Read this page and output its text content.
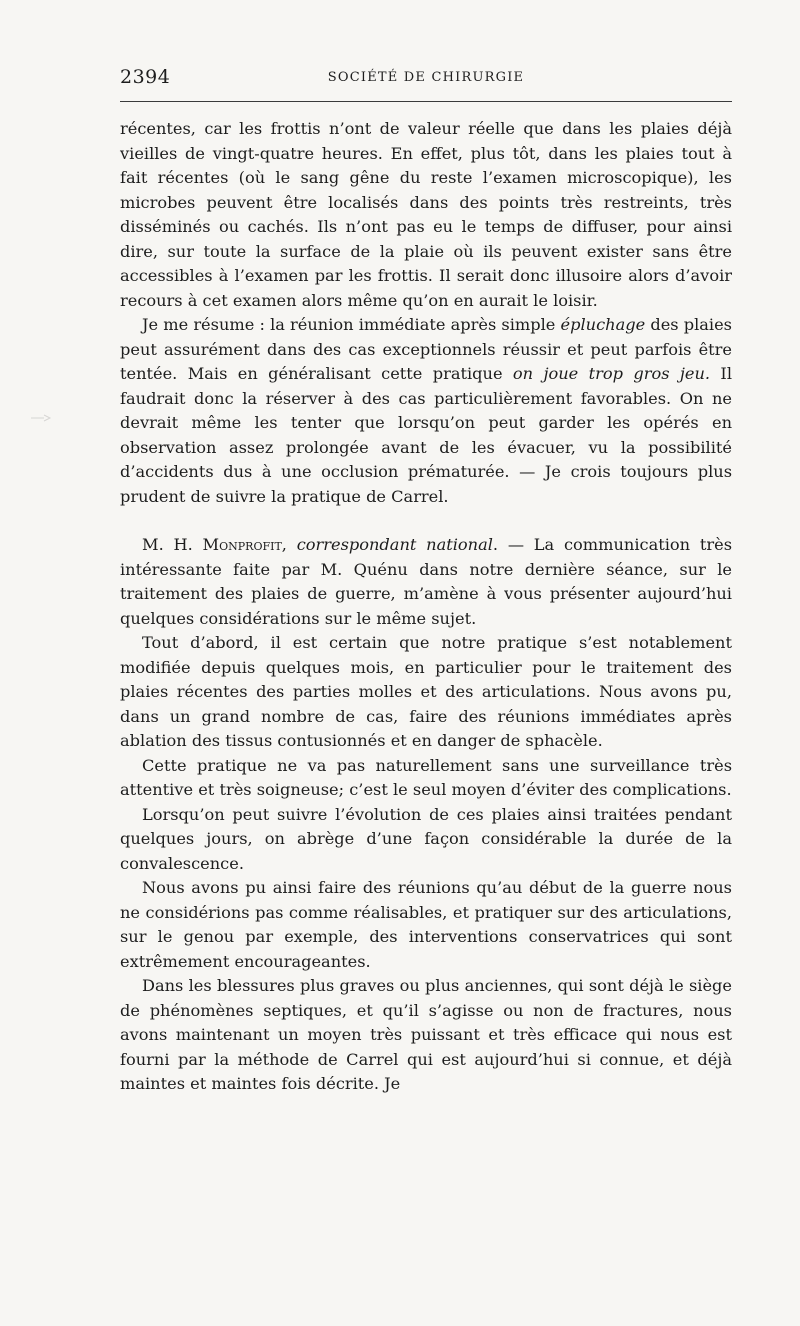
2394	SOCIÉTÉ DE CHIRURGIE

récentes, car les frottis n’ont de valeur réelle que dans les plaies déjà vieilles de vingt-quatre heures. En effet, plus tôt, dans les plaies tout à fait récentes (où le sang gêne du reste l’examen microscopique), les microbes peuvent être localisés dans des points très restreints, très disséminés ou cachés. Ils n’ont pas eu le temps de diffuser, pour ainsi dire, sur toute la surface de la plaie où ils peuvent exister sans être accessibles à l’examen par les frottis. Il serait donc illusoire alors d’avoir recours à cet examen alors même qu’on en aurait le loisir.

Je me résume : la réunion immédiate après simple épluchage des plaies peut assurément dans des cas exceptionnels réussir et peut parfois être tentée. Mais en généralisant cette pratique on joue trop gros jeu. Il faudrait donc la réserver à des cas particulièrement favorables. On ne devrait même les tenter que lorsqu’on peut garder les opérés en observation assez prolongée avant de les évacuer, vu la possibilité d’accidents dus à une occlusion prématurée. — Je crois toujours plus prudent de suivre la pratique de Carrel.

M. H. Monprofit, correspondant national. — La communication très intéressante faite par M. Quénu dans notre dernière séance, sur le traitement des plaies de guerre, m’amène à vous présenter aujourd’hui quelques considérations sur le même sujet.

Tout d’abord, il est certain que notre pratique s’est notablement modifiée depuis quelques mois, en particulier pour le traitement des plaies récentes des parties molles et des articulations. Nous avons pu, dans un grand nombre de cas, faire des réunions immédiates après ablation des tissus contusionnés et en danger de sphacèle.

Cette pratique ne va pas naturellement sans une surveillance très attentive et très soigneuse; c’est le seul moyen d’éviter des complications.

Lorsqu’on peut suivre l’évolution de ces plaies ainsi traitées pendant quelques jours, on abrège d’une façon considérable la durée de la convalescence.

Nous avons pu ainsi faire des réunions qu’au début de la guerre nous ne considérions pas comme réalisables, et pratiquer sur des articulations, sur le genou par exemple, des interventions conservatrices qui sont extrêmement encourageantes.

Dans les blessures plus graves ou plus anciennes, qui sont déjà le siège de phénomènes septiques, et qu’il s’agisse ou non de fractures, nous avons maintenant un moyen très puissant et très efficace qui nous est fourni par la méthode de Carrel qui est aujourd’hui si connue, et déjà maintes et maintes fois décrite. Je
